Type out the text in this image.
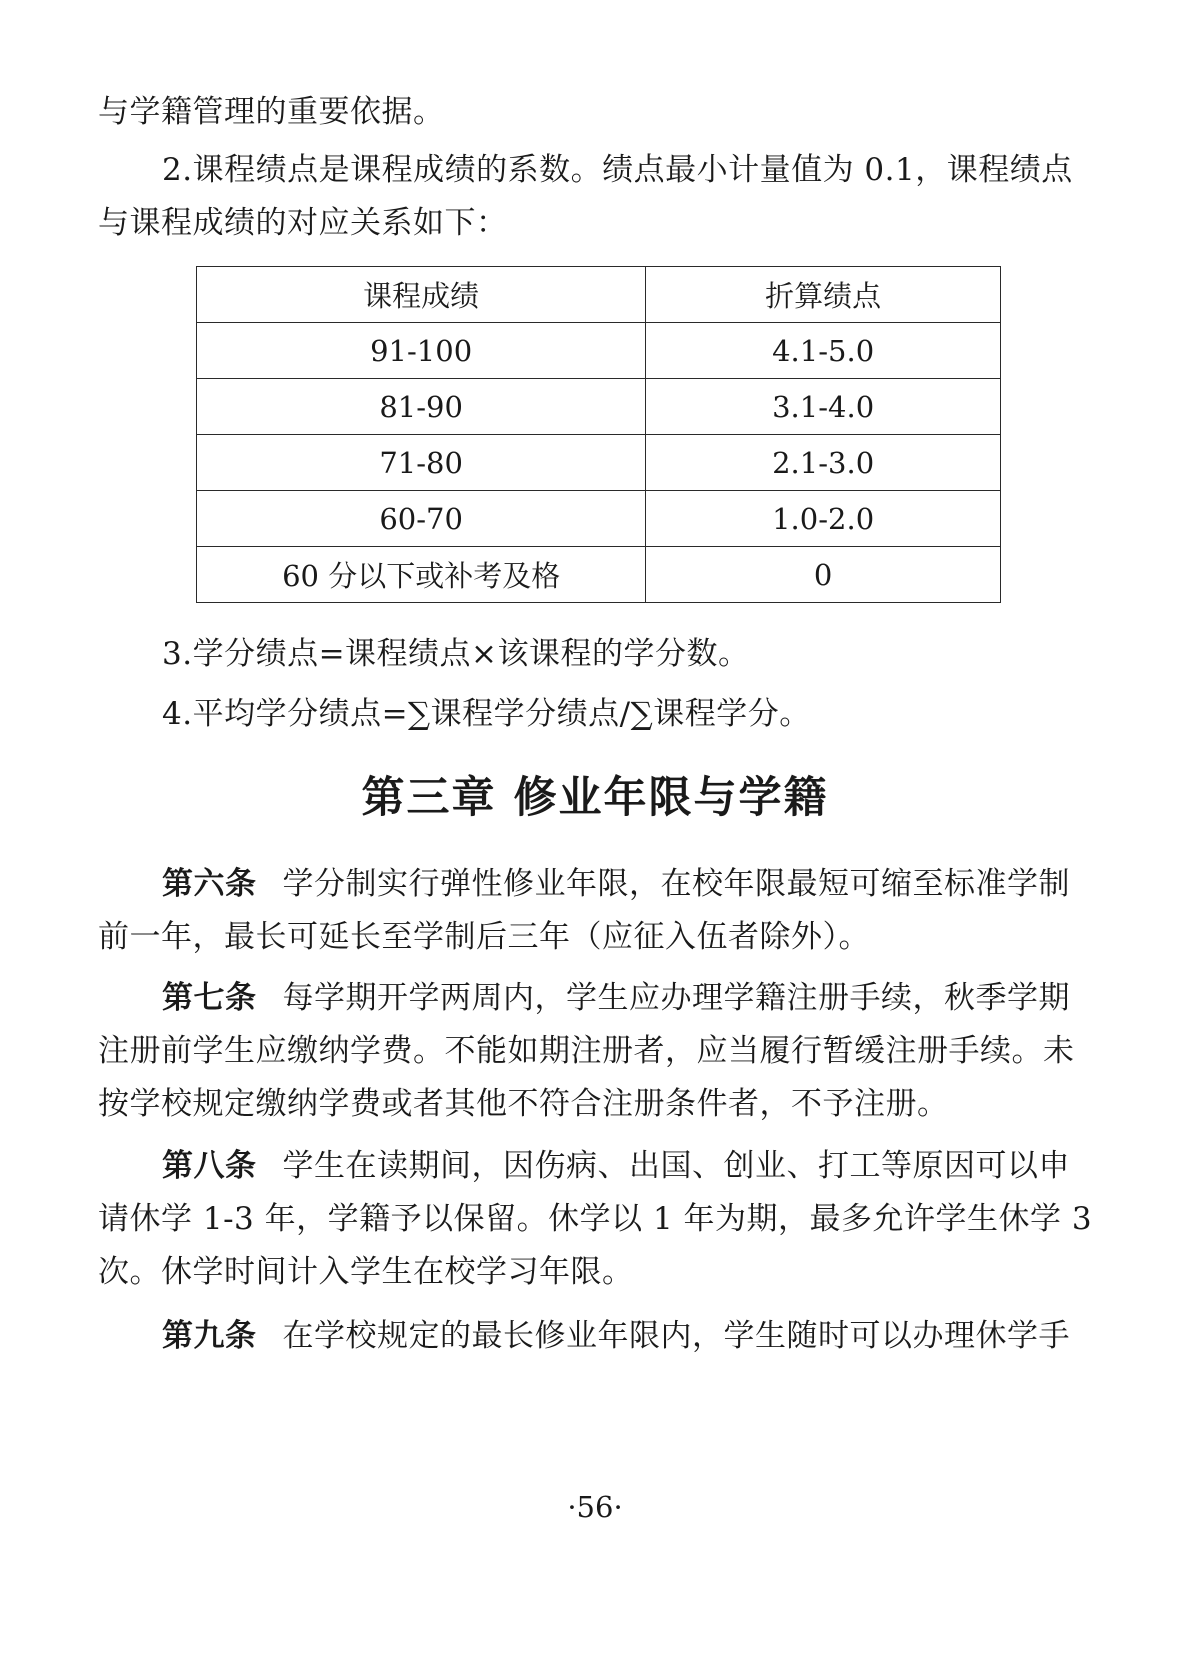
与学籍管理的重要依据。

2.课程绩点是课程成绩的系数。绩点最小计量值为 0.1，课程绩点与课程成绩的对应关系如下：

课程成绩	折算绩点
91-100	4.1-5.0
81-90	3.1-4.0
71-80	2.1-3.0
60-70	1.0-2.0
60 分以下或补考及格	0

3.学分绩点=课程绩点×该课程的学分数。

4.平均学分绩点=∑课程学分绩点/∑课程学分。

第三章 修业年限与学籍

第六条 学分制实行弹性修业年限，在校年限最短可缩至标准学制前一年，最长可延长至学制后三年（应征入伍者除外）。

第七条 每学期开学两周内，学生应办理学籍注册手续，秋季学期注册前学生应缴纳学费。不能如期注册者，应当履行暂缓注册手续。未按学校规定缴纳学费或者其他不符合注册条件者，不予注册。

第八条 学生在读期间，因伤病、出国、创业、打工等原因可以申请休学 1-3 年，学籍予以保留。休学以 1 年为期，最多允许学生休学 3 次。休学时间计入学生在校学习年限。

第九条 在学校规定的最长修业年限内，学生随时可以办理休学手

·56·
